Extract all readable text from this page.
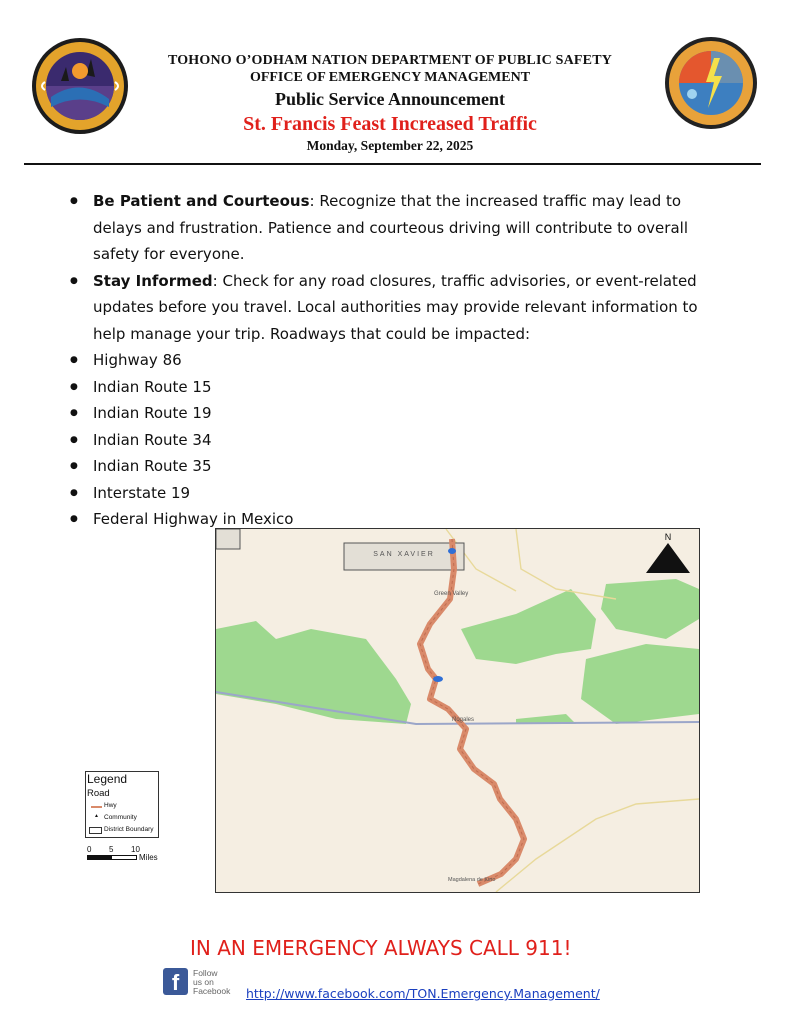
TOHONO O’ODHAM NATION DEPARTMENT OF PUBLIC SAFETY
OFFICE OF EMERGENCY MANAGEMENT
Public Service Announcement
St. Francis Feast Increased Traffic
Monday, September 22, 2025
● Be Patient and Courteous: Recognize that the increased traffic may lead to delays and frustration. Patience and courteous driving will contribute to overall safety for everyone.
● Stay Informed: Check for any road closures, traffic advisories, or event-related updates before you travel. Local authorities may provide relevant information to help manage your trip. Roadways that could be impacted:
● Highway 86
● Indian Route 15
● Indian Route 19
● Indian Route 34
● Indian Route 35
● Interstate 19
● Federal Highway in Mexico
SAN XAVIER
Green Valley
Nogales
Magdalena de Kino
N
Legend
Road
Hwy
▲ Community
District Boundary
0 5 10
Miles
IN AN EMERGENCY ALWAYS CALL 911!
f	Follow
us on
Facebook	http://www.facebook.com/TON.Emergency.Management/
